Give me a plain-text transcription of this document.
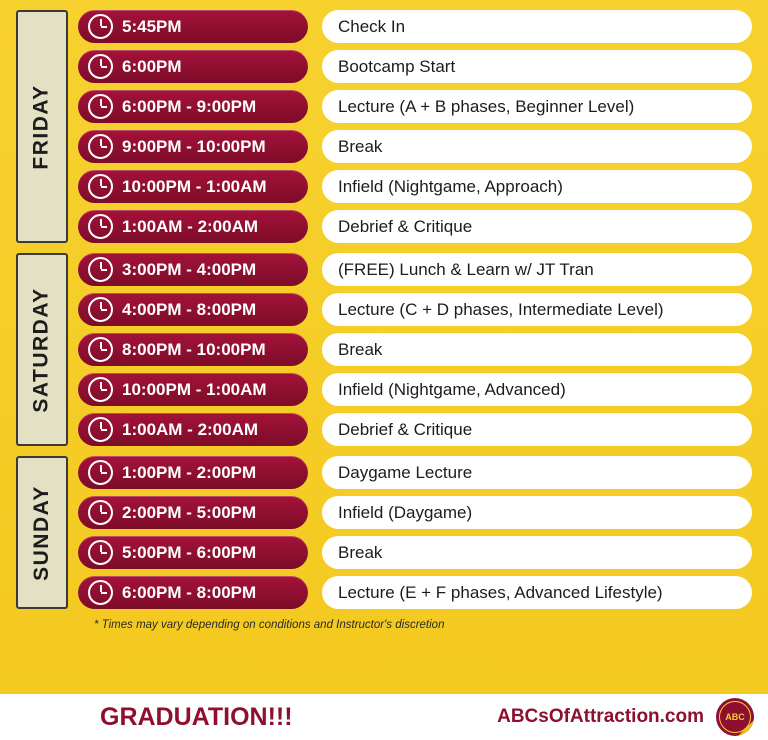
FRIDAY
5:45PM	Check In
6:00PM	Bootcamp Start
6:00PM - 9:00PM	Lecture (A + B phases, Beginner Level)
9:00PM - 10:00PM	Break
10:00PM - 1:00AM	Infield (Nightgame, Approach)
1:00AM - 2:00AM	Debrief & Critique
SATURDAY
3:00PM - 4:00PM	(FREE) Lunch & Learn w/ JT Tran
4:00PM - 8:00PM	Lecture (C + D phases, Intermediate Level)
8:00PM - 10:00PM	Break
10:00PM - 1:00AM	Infield (Nightgame, Advanced)
1:00AM - 2:00AM	Debrief & Critique
SUNDAY
1:00PM - 2:00PM	Daygame Lecture
2:00PM - 5:00PM	Infield (Daygame)
5:00PM - 6:00PM	Break
6:00PM - 8:00PM	Lecture (E + F phases, Advanced Lifestyle)
* Times may vary depending on conditions and Instructor's discretion
GRADUATION!!!	ABCsOfAttraction.com ABC
